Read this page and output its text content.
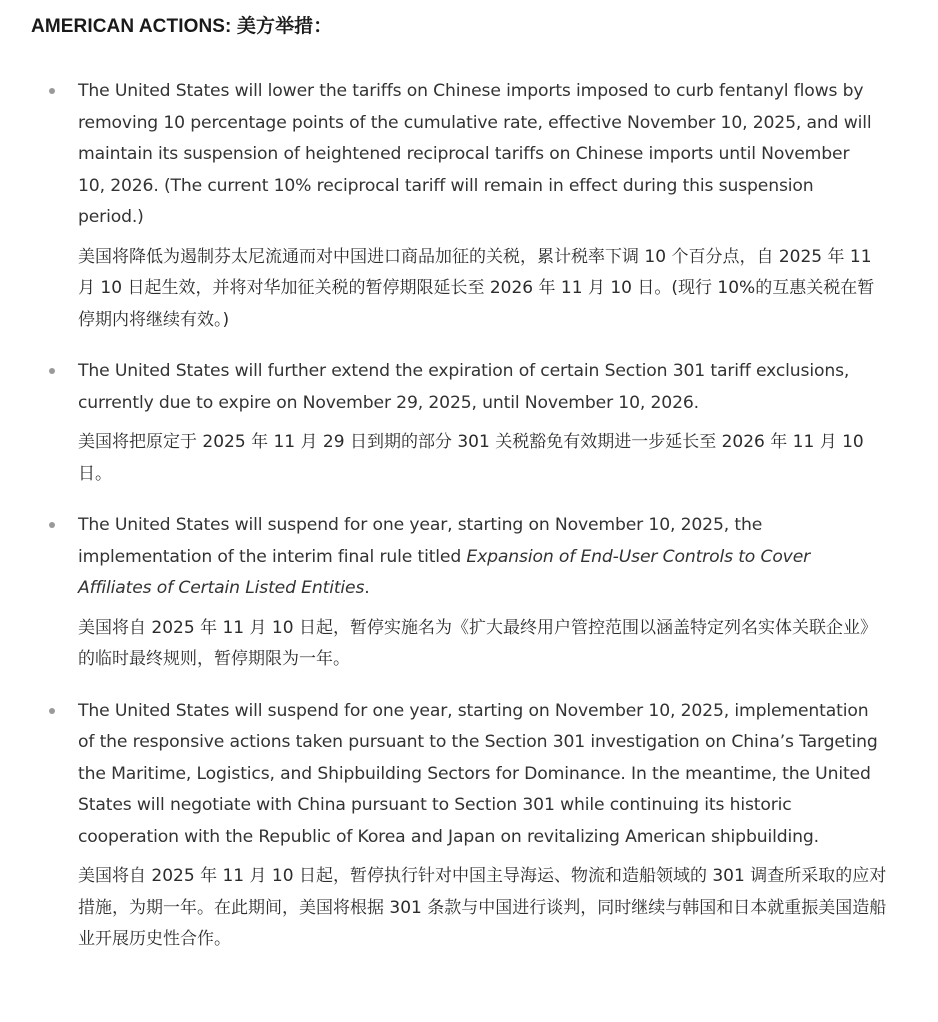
AMERICAN ACTIONS: 美方举措：
The United States will lower the tariffs on Chinese imports imposed to curb fentanyl flows by removing 10 percentage points of the cumulative rate, effective November 10, 2025, and will maintain its suspension of heightened reciprocal tariffs on Chinese imports until November 10, 2026. (The current 10% reciprocal tariff will remain in effect during this suspension period.)
美国将降低为遏制芬太尼流通而对中国进口商品加征的关税，累计税率下调 10 个百分点，自 2025 年 11 月 10 日起生效，并将对华加征关税的暂停期限延长至 2026 年 11 月 10 日。(现行 10%的互惠关税在暂停期内将继续有效。)
The United States will further extend the expiration of certain Section 301 tariff exclusions, currently due to expire on November 29, 2025, until November 10, 2026.
美国将把原定于 2025 年 11 月 29 日到期的部分 301 关税豁免有效期进一步延长至 2026 年 11 月 10 日。
The United States will suspend for one year, starting on November 10, 2025, the implementation of the interim final rule titled Expansion of End-User Controls to Cover Affiliates of Certain Listed Entities.
美国将自 2025 年 11 月 10 日起，暂停实施名为《扩大最终用户管控范围以涵盖特定列名实体关联企业》的临时最终规则，暂停期限为一年。
The United States will suspend for one year, starting on November 10, 2025, implementation of the responsive actions taken pursuant to the Section 301 investigation on China’s Targeting the Maritime, Logistics, and Shipbuilding Sectors for Dominance. In the meantime, the United States will negotiate with China pursuant to Section 301 while continuing its historic cooperation with the Republic of Korea and Japan on revitalizing American shipbuilding.
美国将自 2025 年 11 月 10 日起，暂停执行针对中国主导海运、物流和造船领域的 301 调查所采取的应对措施，为期一年。在此期间，美国将根据 301 条款与中国进行谈判，同时继续与韩国和日本就重振美国造船业开展历史性合作。
